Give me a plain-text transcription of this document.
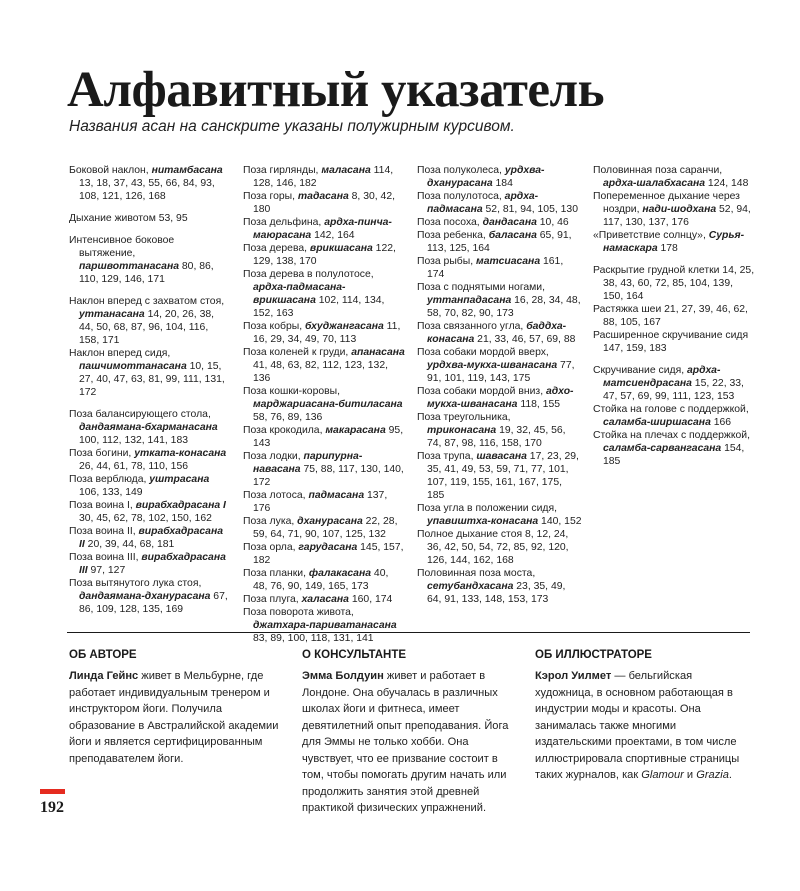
Алфавитный указатель
Названия асан на санскрите указаны полужирным курсивом.

Боковой наклон, нитамбасана 13, 18, 37, 43, 55, 66, 84, 93, 108, 121, 126, 168

Дыхание животом 53, 95

Интенсивное боковое вытяжение, паршвоттанасана 80, 86, 110, 129, 146, 171

Наклон вперед с захватом стоя, уттанасана 14, 20, 26, 38, 44, 50, 68, 87, 96, 104, 116, 158, 171

Наклон вперед сидя, пашчимоттанасана 10, 15, 27, 40, 47, 63, 81, 99, 111, 131, 172

Поза балансирующего стола, дандаямана-бхарманасана 100, 112, 132, 141, 183

Поза богини, утката-конасана 26, 44, 61, 78, 110, 156

Поза верблюда, уштрасана 106, 133, 149

Поза воина I, вирабхадрасана I 30, 45, 62, 78, 102, 150, 162

Поза воина II, вирабхадрасана II 20, 39, 44, 68, 181

Поза воина III, вирабхадрасана III 97, 127

Поза вытянутого лука стоя, дандаямана-дханурасана 67, 86, 109, 128, 135, 169

Поза гирлянды, маласана 114, 128, 146, 182

Поза горы, тадасана 8, 30, 42, 180

Поза дельфина, ардха-пинча-маюрасана 142, 164

Поза дерева, врикшасана 122, 129, 138, 170

Поза дерева в полулотосе, ардха-падмасана-врикшасана 102, 114, 134, 152, 163

Поза кобры, бхуджангасана 11, 16, 29, 34, 49, 70, 113

Поза коленей к груди, апанасана 41, 48, 63, 82, 112, 123, 132, 136

Поза кошки-коровы, марджариасана-битиласана 58, 76, 89, 136

Поза крокодила, макарасана 95, 143

Поза лодки, парипурна-навасана 75, 88, 117, 130, 140, 172

Поза лотоса, падмасана 137, 176

Поза лука, дханурасана 22, 28, 59, 64, 71, 90, 107, 125, 132

Поза орла, гарудасана 145, 157, 182

Поза планки, фалакасана 40, 48, 76, 90, 149, 165, 173

Поза плуга, халасана 160, 174

Поза поворота живота, джатхара-париватанасана 83, 89, 100, 118, 131, 141

Поза полуколеса, урдхва-дханурасана 184

Поза полулотоса, ардха-падмасана 52, 81, 94, 105, 130

Поза посоха, дандасана 10, 46

Поза ребенка, баласана 65, 91, 113, 125, 164

Поза рыбы, матсиасана 161, 174

Поза с поднятыми ногами, уттанпадасана 16, 28, 34, 48, 58, 70, 82, 90, 173

Поза связанного угла, баддха-конасана 21, 33, 46, 57, 69, 88

Поза собаки мордой вверх, урдхва-мукха-шванасана 77, 91, 101, 119, 143, 175

Поза собаки мордой вниз, адхо-мукха-шванасана 118, 155

Поза треугольника, триконасана 19, 32, 45, 56, 74, 87, 98, 116, 158, 170

Поза трупа, шавасана 17, 23, 29, 35, 41, 49, 53, 59, 71, 77, 101, 107, 119, 155, 161, 167, 175, 185

Поза угла в положении сидя, упавиштха-конасана 140, 152

Полное дыхание стоя 8, 12, 24, 36, 42, 50, 54, 72, 85, 92, 120, 126, 144, 162, 168

Половинная поза моста, сетубандхасана 23, 35, 49, 64, 91, 133, 148, 153, 173

Половинная поза саранчи, ардха-шалабхасана 124, 148

Попеременное дыхание через ноздри, нади-шодхана 52, 94, 117, 130, 137, 176

«Приветствие солнцу», Сурья-намаскара 178

Раскрытие грудной клетки 14, 25, 38, 43, 60, 72, 85, 104, 139, 150, 164

Растяжка шеи 21, 27, 39, 46, 62, 88, 105, 167

Расширенное скручивание сидя 147, 159, 183

Скручивание сидя, ардха-матсиендрасана 15, 22, 33, 47, 57, 69, 99, 111, 123, 153

Стойка на голове с поддержкой, саламба-ширшасана 166

Стойка на плечах с поддержкой, саламба-сарвангасана 154, 185

ОБ АВТОРЕ

Линда Гейнс живет в Мельбурне, где работает индивидуальным тренером и инструктором йоги. Получила образование в Австралийской академии йоги и является сертифицированным преподавателем йоги.

О КОНСУЛЬТАНТЕ

Эмма Болдуин живет и работает в Лондоне. Она обучалась в различных школах йоги и фитнеса, имеет девятилетний опыт преподавания. Йога для Эммы не только хобби. Она чувствует, что ее призвание состоит в том, чтобы помогать другим начать или продолжить занятия этой древней практикой физических упражнений.

ОБ ИЛЛЮСТРАТОРЕ

Кэрол Уилмет — бельгийская художница, в основном работающая в индустрии моды и красоты. Она занималась также многими издательскими проектами, в том числе иллюстрировала спортивные страницы таких журналов, как Glamour и Grazia.

192
